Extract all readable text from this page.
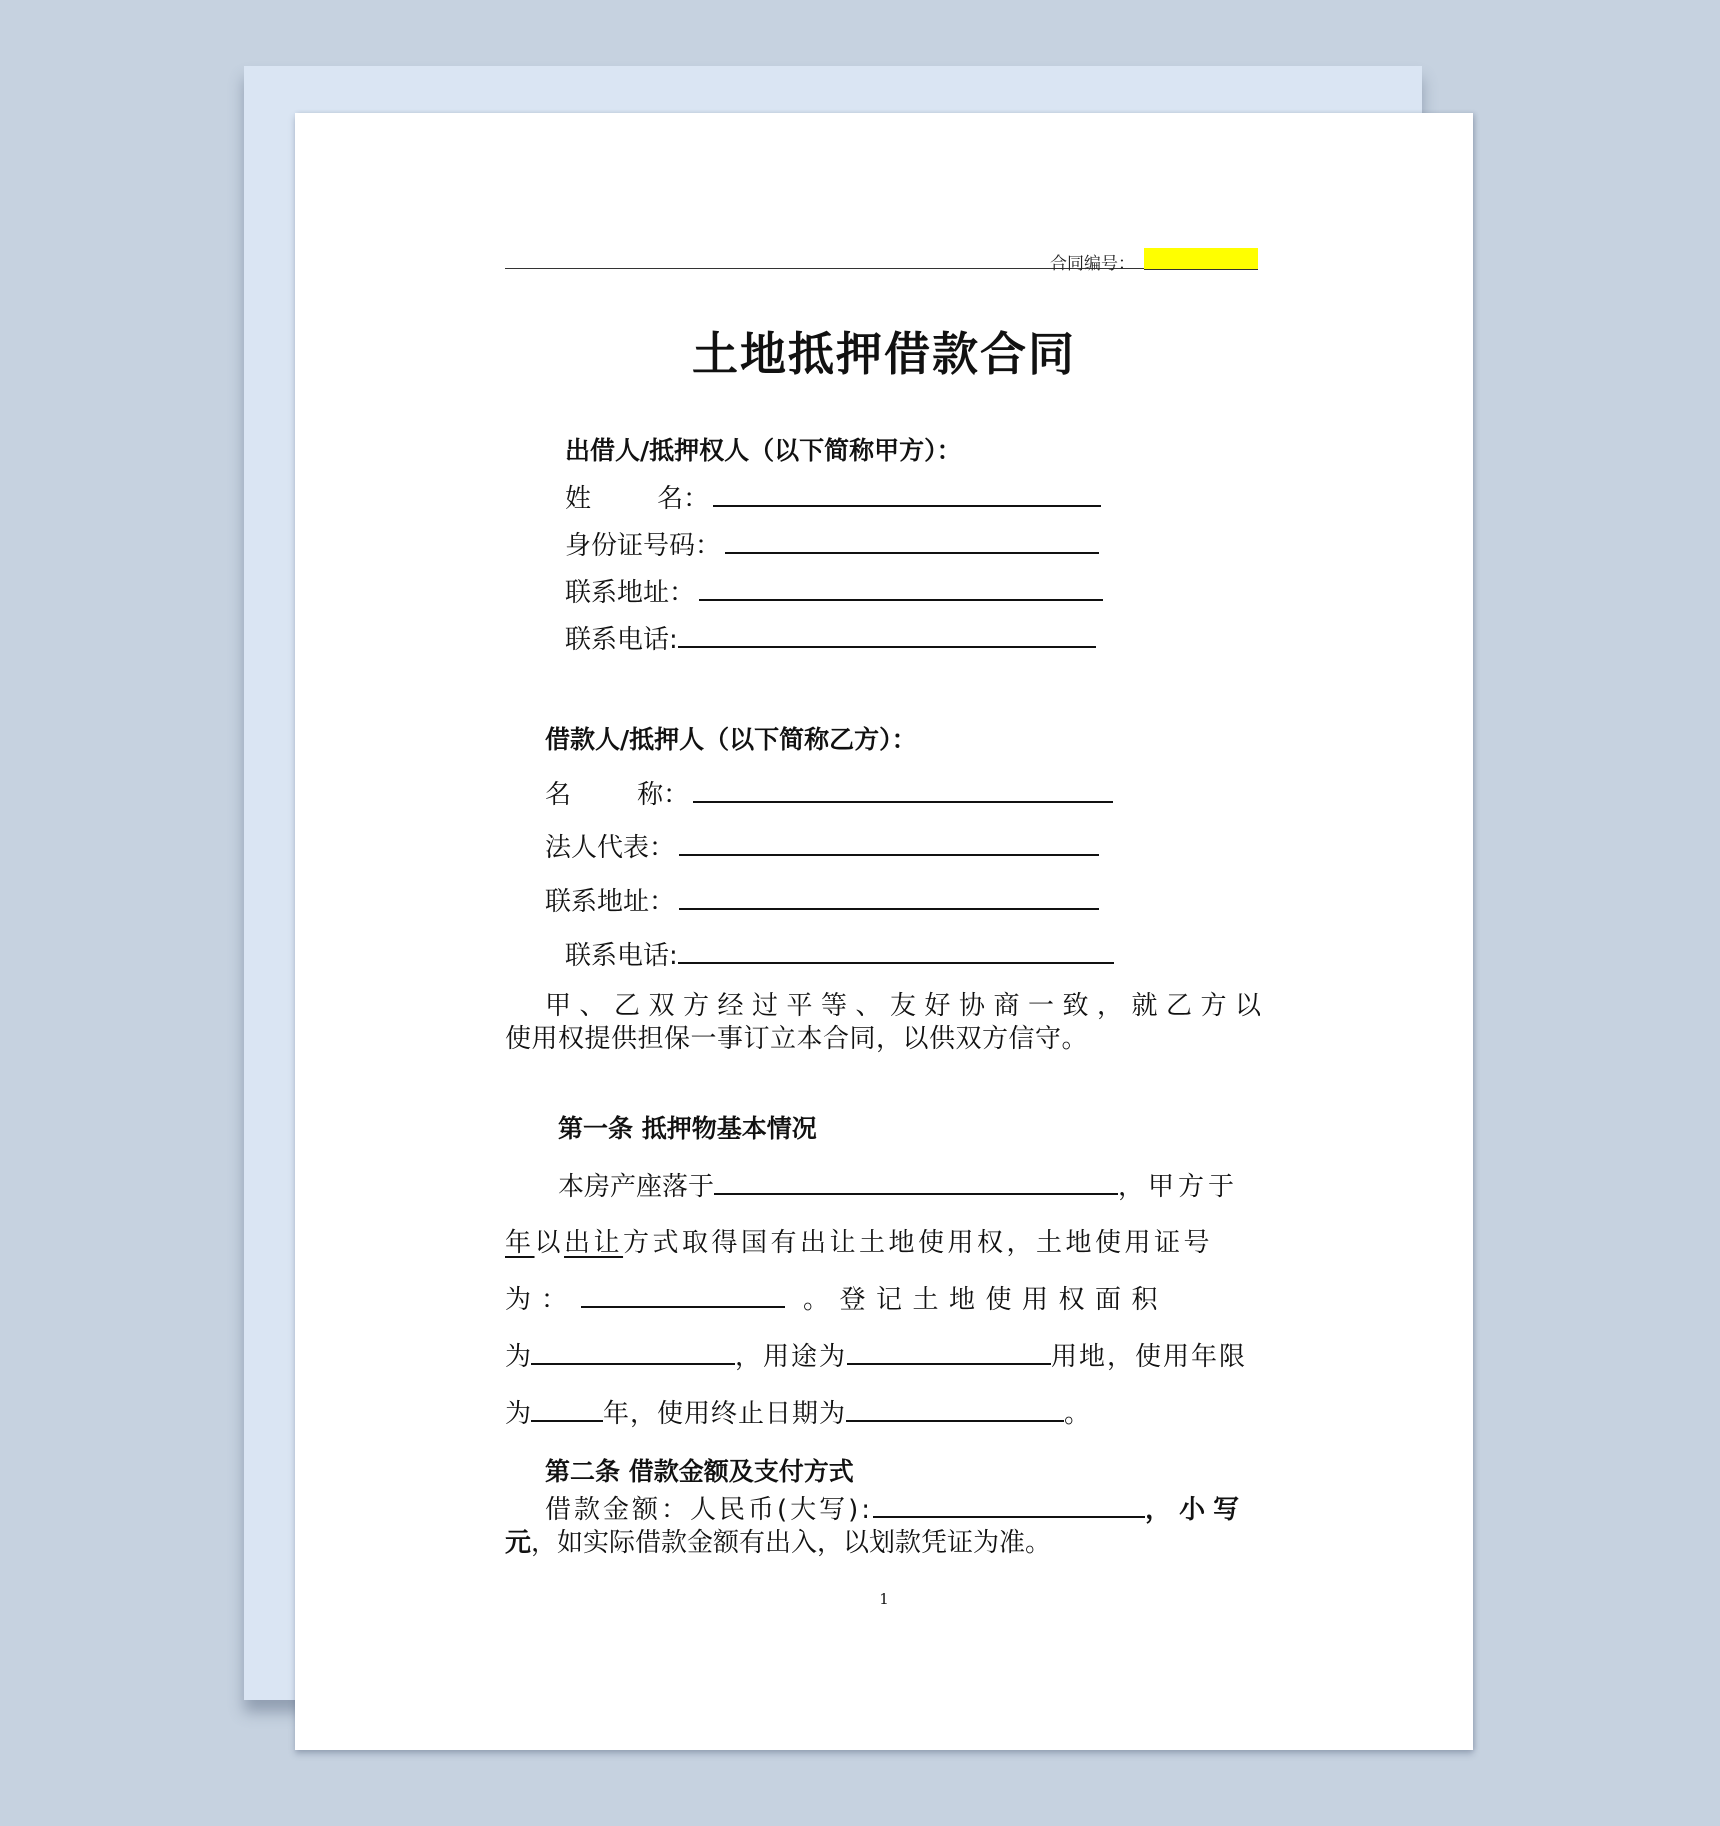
合同编号：
土地抵押借款合同
出借人/抵押权人（以下简称甲方）：
姓        名：
身份证号码：
联系地址：
联系电话:
借款人/抵押人（以下简称乙方）：
名        称：
法人代表：
联系地址：
联系电话:
甲、乙双方经过平等、友好协商一致，就乙方以
使用权提供担保一事订立本合同，以供双方信守。
第一条 抵押物基本情况
本房产座落于	，甲方于
年以出让方式取得国有出让土地使用权，土地使用证号
为：	。登记土地使用权面积
为	，用途为	用地，使用年限
为	年，使用终止日期为	。
第二条 借款金额及支付方式
借款金额：人民币(大写):	，小写
元，如实际借款金额有出入，以划款凭证为准。
1
